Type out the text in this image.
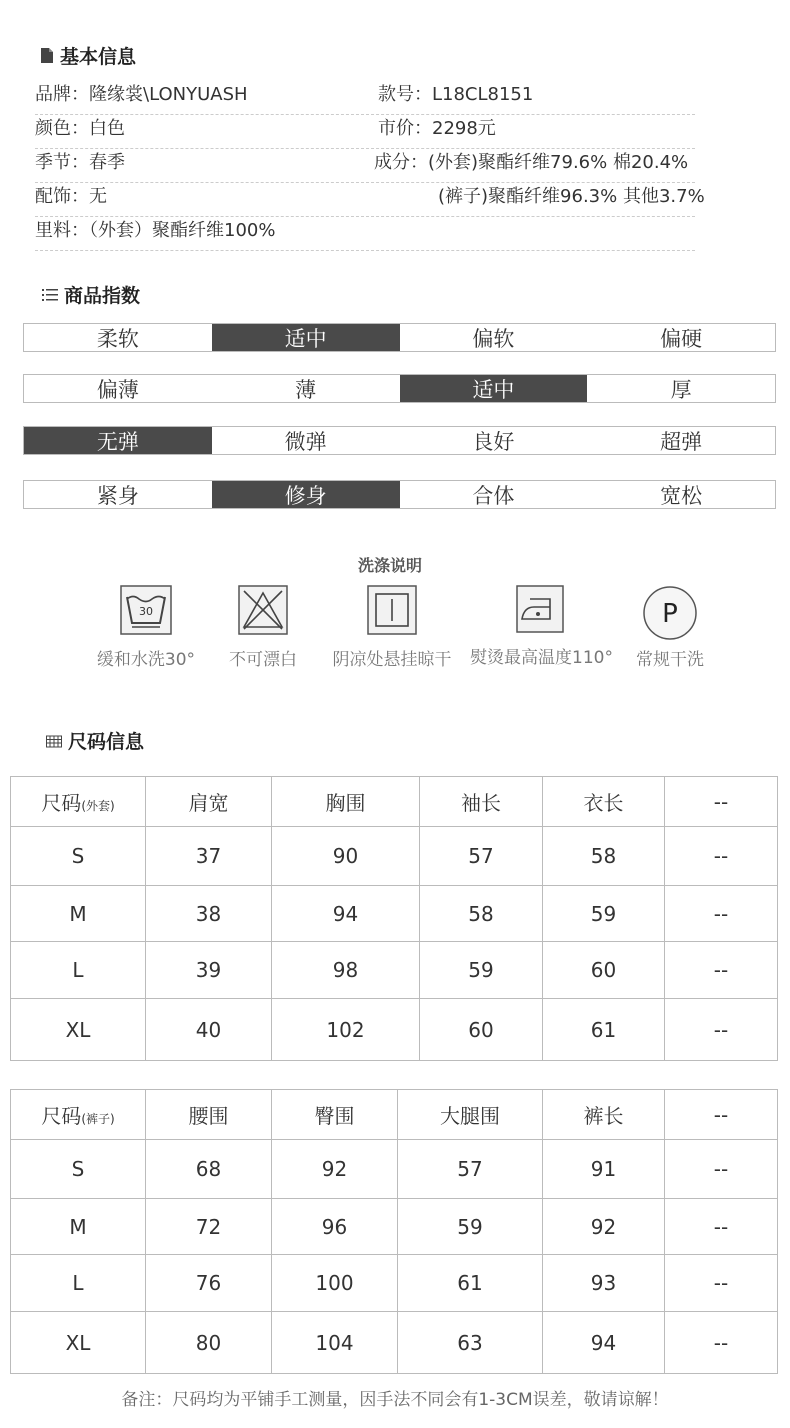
基本信息
品牌：隆缘裳\LONYUASH	款号：L18CL8151
颜色：白色	市价：2298元
季节：春季	成分：(外套)聚酯纤维79.6% 棉20.4%
配饰：无	(裤子)聚酯纤维96.3% 其他3.7%
里料：（外套）聚酯纤维100%
商品指数
柔软	适中	偏软	偏硬
偏薄	薄	适中	厚
无弹	微弹	良好	超弹
紧身	修身	合体	宽松
洗涤说明
30
缓和水洗30°	不可漂白	阴凉处悬挂晾干	熨烫最高温度110°
P
常规干洗
尺码信息
尺码(外套)	肩宽	胸围	袖长	衣长	--
S	37	90	57	58	--
M	38	94	58	59	--
L	39	98	59	60	--
XL	40	102	60	61	--
尺码(裤子)	腰围	臀围	大腿围	裤长	--
S	68	92	57	91	--
M	72	96	59	92	--
L	76	100	61	93	--
XL	80	104	63	94	--
备注：尺码均为平铺手工测量，因手法不同会有1-3CM误差，敬请谅解！
